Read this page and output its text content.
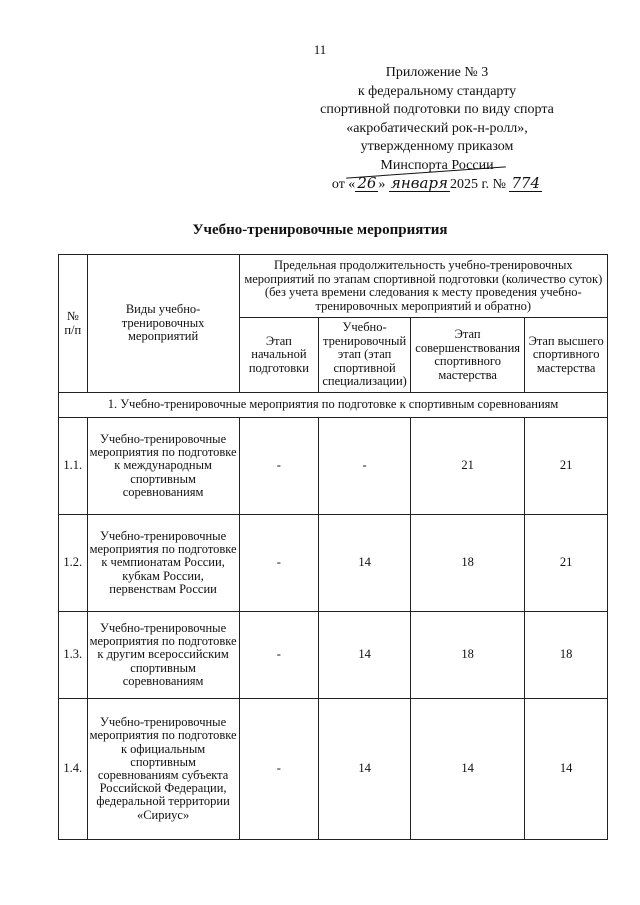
11
Приложение № 3
к федеральному стандарту
спортивной подготовки по виду спорта
«акробатический рок-н-ролл»,
утвержденному приказом
Минспорта России
от « 26 » января 2025 г. № 774
Учебно-тренировочные мероприятия
№ п/п	Виды учебно-тренировочных мероприятий	Предельная продолжительность учебно-тренировочных мероприятий по этапам спортивной подготовки (количество суток) (без учета времени следования к месту проведения учебно-тренировочных мероприятий и обратно)			
		Этап начальной подготовки	Учебно-тренировочный этап (этап спортивной специализации)	Этап совершенствования спортивного мастерства	Этап высшего спортивного мастерства
1. Учебно-тренировочные мероприятия по подготовке к спортивным соревнованиям					
1.1.	Учебно-тренировочные мероприятия по подготовке к международным спортивным соревнованиям	-	-	21	21
1.2.	Учебно-тренировочные мероприятия по подготовке к чемпионатам России, кубкам России, первенствам России	-	14	18	21
1.3.	Учебно-тренировочные мероприятия по подготовке к другим всероссийским спортивным соревнованиям	-	14	18	18
1.4.	Учебно-тренировочные мероприятия по подготовке к официальным спортивным соревнованиям субъекта Российской Федерации, федеральной территории «Сириус»	-	14	14	14
